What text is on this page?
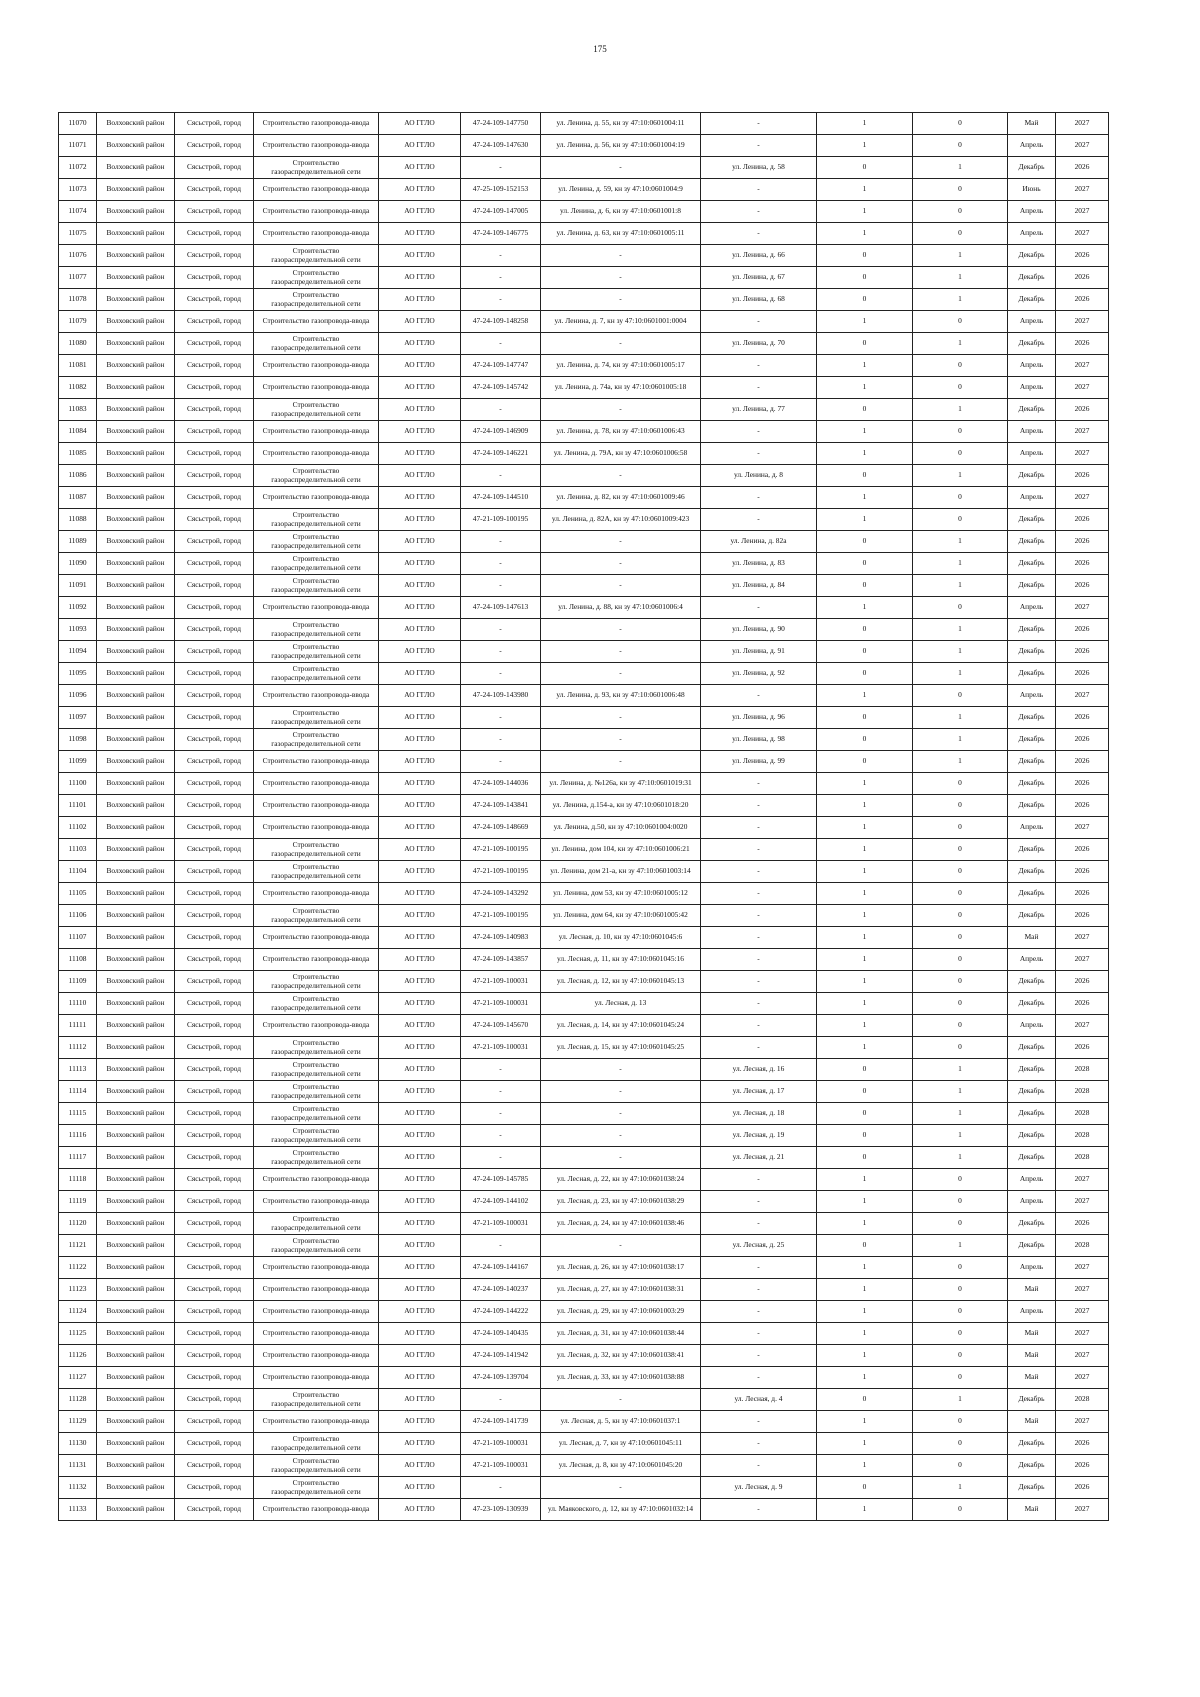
175
11070	Волховский район	Сясьстрой, город	Строительство газопровода-ввода	АО ГГЛО	47-24-109-147750	ул. Ленина, д. 55, кн зу 47:10:0601004:11	-	1	0	Май	2027
11071	Волховский район	Сясьстрой, город	Строительство газопровода-ввода	АО ГГЛО	47-24-109-147630	ул. Ленина, д. 56, кн зу 47:10:0601004:19	-	1	0	Апрель	2027
11072	Волховский район	Сясьстрой, город	Строительство газораспределительной сети	АО ГГЛО	-	-	ул. Ленина, д. 58	0	1	Декабрь	2026
11073	Волховский район	Сясьстрой, город	Строительство газопровода-ввода	АО ГГЛО	47-25-109-152153	ул. Ленина, д. 59, кн зу 47:10:0601004:9	-	1	0	Июнь	2027
11074	Волховский район	Сясьстрой, город	Строительство газопровода-ввода	АО ГГЛО	47-24-109-147005	ул. Ленина, д. 6, кн зу 47:10:0601001:8	-	1	0	Апрель	2027
11075	Волховский район	Сясьстрой, город	Строительство газопровода-ввода	АО ГГЛО	47-24-109-146775	ул. Ленина, д. 63, кн зу 47:10:0601005:11	-	1	0	Апрель	2027
11076	Волховский район	Сясьстрой, город	Строительство газораспределительной сети	АО ГГЛО	-	-	ул. Ленина, д. 66	0	1	Декабрь	2026
11077	Волховский район	Сясьстрой, город	Строительство газораспределительной сети	АО ГГЛО	-	-	ул. Ленина, д. 67	0	1	Декабрь	2026
11078	Волховский район	Сясьстрой, город	Строительство газораспределительной сети	АО ГГЛО	-	-	ул. Ленина, д. 68	0	1	Декабрь	2026
11079	Волховский район	Сясьстрой, город	Строительство газопровода-ввода	АО ГГЛО	47-24-109-148258	ул. Ленина, д. 7, кн зу 47:10:0601001:0004	-	1	0	Апрель	2027
11080	Волховский район	Сясьстрой, город	Строительство газораспределительной сети	АО ГГЛО	-	-	ул. Ленина, д. 70	0	1	Декабрь	2026
11081	Волховский район	Сясьстрой, город	Строительство газопровода-ввода	АО ГГЛО	47-24-109-147747	ул. Ленина, д. 74, кн зу 47:10:0601005:17	-	1	0	Апрель	2027
11082	Волховский район	Сясьстрой, город	Строительство газопровода-ввода	АО ГГЛО	47-24-109-145742	ул. Ленина, д. 74а, кн зу 47:10:0601005:18	-	1	0	Апрель	2027
11083	Волховский район	Сясьстрой, город	Строительство газораспределительной сети	АО ГГЛО	-	-	ул. Ленина, д. 77	0	1	Декабрь	2026
11084	Волховский район	Сясьстрой, город	Строительство газопровода-ввода	АО ГГЛО	47-24-109-146909	ул. Ленина, д. 78, кн зу 47:10:0601006:43	-	1	0	Апрель	2027
11085	Волховский район	Сясьстрой, город	Строительство газопровода-ввода	АО ГГЛО	47-24-109-146221	ул. Ленина, д. 79А, кн зу 47:10:0601006:58	-	1	0	Апрель	2027
11086	Волховский район	Сясьстрой, город	Строительство газораспределительной сети	АО ГГЛО	-	-	ул. Ленина, д. 8	0	1	Декабрь	2026
11087	Волховский район	Сясьстрой, город	Строительство газопровода-ввода	АО ГГЛО	47-24-109-144510	ул. Ленина, д. 82, кн зу 47:10:0601009:46	-	1	0	Апрель	2027
11088	Волховский район	Сясьстрой, город	Строительство газораспределительной сети	АО ГГЛО	47-21-109-100195	ул. Ленина, д. 82А, кн зу 47:10:0601009:423	-	1	0	Декабрь	2026
11089	Волховский район	Сясьстрой, город	Строительство газораспределительной сети	АО ГГЛО	-	-	ул. Ленина, д. 82а	0	1	Декабрь	2026
11090	Волховский район	Сясьстрой, город	Строительство газораспределительной сети	АО ГГЛО	-	-	ул. Ленина, д. 83	0	1	Декабрь	2026
11091	Волховский район	Сясьстрой, город	Строительство газораспределительной сети	АО ГГЛО	-	-	ул. Ленина, д. 84	0	1	Декабрь	2026
11092	Волховский район	Сясьстрой, город	Строительство газопровода-ввода	АО ГГЛО	47-24-109-147613	ул. Ленина, д. 88, кн зу 47:10:0601006:4	-	1	0	Апрель	2027
11093	Волховский район	Сясьстрой, город	Строительство газораспределительной сети	АО ГГЛО	-	-	ул. Ленина, д. 90	0	1	Декабрь	2026
11094	Волховский район	Сясьстрой, город	Строительство газораспределительной сети	АО ГГЛО	-	-	ул. Ленина, д. 91	0	1	Декабрь	2026
11095	Волховский район	Сясьстрой, город	Строительство газораспределительной сети	АО ГГЛО	-	-	ул. Ленина, д. 92	0	1	Декабрь	2026
11096	Волховский район	Сясьстрой, город	Строительство газопровода-ввода	АО ГГЛО	47-24-109-143980	ул. Ленина, д. 93, кн зу 47:10:0601006:48	-	1	0	Апрель	2027
11097	Волховский район	Сясьстрой, город	Строительство газораспределительной сети	АО ГГЛО	-	-	ул. Ленина, д. 96	0	1	Декабрь	2026
11098	Волховский район	Сясьстрой, город	Строительство газораспределительной сети	АО ГГЛО	-	-	ул. Ленина, д. 98	0	1	Декабрь	2026
11099	Волховский район	Сясьстрой, город	Строительство газопровода-ввода	АО ГГЛО	-	-	ул. Ленина, д. 99	0	1	Декабрь	2026
11100	Волховский район	Сясьстрой, город	Строительство газопровода-ввода	АО ГГЛО	47-24-109-144036	ул. Ленина, д. №126а, кн зу 47:10:0601019:31	-	1	0	Декабрь	2026
11101	Волховский район	Сясьстрой, город	Строительство газопровода-ввода	АО ГГЛО	47-24-109-143841	ул. Ленина, д.154-а, кн зу 47:10:0601018:20	-	1	0	Декабрь	2026
11102	Волховский район	Сясьстрой, город	Строительство газопровода-ввода	АО ГГЛО	47-24-109-148669	ул. Ленина, д.50, кн зу 47:10:0601004:0020	-	1	0	Апрель	2027
11103	Волховский район	Сясьстрой, город	Строительство газораспределительной сети	АО ГГЛО	47-21-109-100195	ул. Ленина, дом 104, кн зу 47:10:0601006:21	-	1	0	Декабрь	2026
11104	Волховский район	Сясьстрой, город	Строительство газораспределительной сети	АО ГГЛО	47-21-109-100195	ул. Ленина, дом 21-а, кн зу 47:10:0601003:14	-	1	0	Декабрь	2026
11105	Волховский район	Сясьстрой, город	Строительство газопровода-ввода	АО ГГЛО	47-24-109-143292	ул. Ленина, дом 53, кн зу 47:10:0601005:12	-	1	0	Декабрь	2026
11106	Волховский район	Сясьстрой, город	Строительство газораспределительной сети	АО ГГЛО	47-21-109-100195	ул. Ленина, дом 64, кн зу 47:10:0601005:42	-	1	0	Декабрь	2026
11107	Волховский район	Сясьстрой, город	Строительство газопровода-ввода	АО ГГЛО	47-24-109-140983	ул. Лесная, д. 10, кн зу 47:10:0601045:6	-	1	0	Май	2027
11108	Волховский район	Сясьстрой, город	Строительство газопровода-ввода	АО ГГЛО	47-24-109-143857	ул. Лесная, д. 11, кн зу 47:10:0601045:16	-	1	0	Апрель	2027
11109	Волховский район	Сясьстрой, город	Строительство газораспределительной сети	АО ГГЛО	47-21-109-100031	ул. Лесная, д. 12, кн зу 47:10:0601045:13	-	1	0	Декабрь	2026
11110	Волховский район	Сясьстрой, город	Строительство газораспределительной сети	АО ГГЛО	47-21-109-100031	ул. Лесная, д. 13	-	1	0	Декабрь	2026
11111	Волховский район	Сясьстрой, город	Строительство газопровода-ввода	АО ГГЛО	47-24-109-145670	ул. Лесная, д. 14, кн зу 47:10:0601045:24	-	1	0	Апрель	2027
11112	Волховский район	Сясьстрой, город	Строительство газораспределительной сети	АО ГГЛО	47-21-109-100031	ул. Лесная, д. 15, кн зу 47:10:0601045:25	-	1	0	Декабрь	2026
11113	Волховский район	Сясьстрой, город	Строительство газораспределительной сети	АО ГГЛО	-	-	ул. Лесная, д. 16	0	1	Декабрь	2028
11114	Волховский район	Сясьстрой, город	Строительство газораспределительной сети	АО ГГЛО	-	-	ул. Лесная, д. 17	0	1	Декабрь	2028
11115	Волховский район	Сясьстрой, город	Строительство газораспределительной сети	АО ГГЛО	-	-	ул. Лесная, д. 18	0	1	Декабрь	2028
11116	Волховский район	Сясьстрой, город	Строительство газораспределительной сети	АО ГГЛО	-	-	ул. Лесная, д. 19	0	1	Декабрь	2028
11117	Волховский район	Сясьстрой, город	Строительство газораспределительной сети	АО ГГЛО	-	-	ул. Лесная, д. 21	0	1	Декабрь	2028
11118	Волховский район	Сясьстрой, город	Строительство газопровода-ввода	АО ГГЛО	47-24-109-145785	ул. Лесная, д. 22, кн зу 47:10:0601038:24	-	1	0	Апрель	2027
11119	Волховский район	Сясьстрой, город	Строительство газопровода-ввода	АО ГГЛО	47-24-109-144102	ул. Лесная, д. 23, кн зу 47:10:0601038:29	-	1	0	Апрель	2027
11120	Волховский район	Сясьстрой, город	Строительство газораспределительной сети	АО ГГЛО	47-21-109-100031	ул. Лесная, д. 24, кн зу 47:10:0601038:46	-	1	0	Декабрь	2026
11121	Волховский район	Сясьстрой, город	Строительство газораспределительной сети	АО ГГЛО	-	-	ул. Лесная, д. 25	0	1	Декабрь	2028
11122	Волховский район	Сясьстрой, город	Строительство газопровода-ввода	АО ГГЛО	47-24-109-144167	ул. Лесная, д. 26, кн зу 47:10:0601038:17	-	1	0	Апрель	2027
11123	Волховский район	Сясьстрой, город	Строительство газопровода-ввода	АО ГГЛО	47-24-109-140237	ул. Лесная, д. 27, кн зу 47:10:0601038:31	-	1	0	Май	2027
11124	Волховский район	Сясьстрой, город	Строительство газопровода-ввода	АО ГГЛО	47-24-109-144222	ул. Лесная, д. 29, кн зу 47:10:0601003:29	-	1	0	Апрель	2027
11125	Волховский район	Сясьстрой, город	Строительство газопровода-ввода	АО ГГЛО	47-24-109-140435	ул. Лесная, д. 31, кн зу 47:10:0601038:44	-	1	0	Май	2027
11126	Волховский район	Сясьстрой, город	Строительство газопровода-ввода	АО ГГЛО	47-24-109-141942	ул. Лесная, д. 32, кн зу 47:10:0601038:41	-	1	0	Май	2027
11127	Волховский район	Сясьстрой, город	Строительство газопровода-ввода	АО ГГЛО	47-24-109-139704	ул. Лесная, д. 33, кн зу 47:10:0601038:88	-	1	0	Май	2027
11128	Волховский район	Сясьстрой, город	Строительство газораспределительной сети	АО ГГЛО	-	-	ул. Лесная, д. 4	0	1	Декабрь	2028
11129	Волховский район	Сясьстрой, город	Строительство газопровода-ввода	АО ГГЛО	47-24-109-141739	ул. Лесная, д. 5, кн зу 47:10:0601037:1	-	1	0	Май	2027
11130	Волховский район	Сясьстрой, город	Строительство газораспределительной сети	АО ГГЛО	47-21-109-100031	ул. Лесная, д. 7, кн зу 47:10:0601045:11	-	1	0	Декабрь	2026
11131	Волховский район	Сясьстрой, город	Строительство газораспределительной сети	АО ГГЛО	47-21-109-100031	ул. Лесная, д. 8, кн зу 47:10:0601045:20	-	1	0	Декабрь	2026
11132	Волховский район	Сясьстрой, город	Строительство газораспределительной сети	АО ГГЛО	-	-	ул. Лесная, д. 9	0	1	Декабрь	2026
11133	Волховский район	Сясьстрой, город	Строительство газопровода-ввода	АО ГГЛО	47-23-109-130939	ул. Маяковского, д. 12, кн зу 47:10:0601032:14	-	1	0	Май	2027
